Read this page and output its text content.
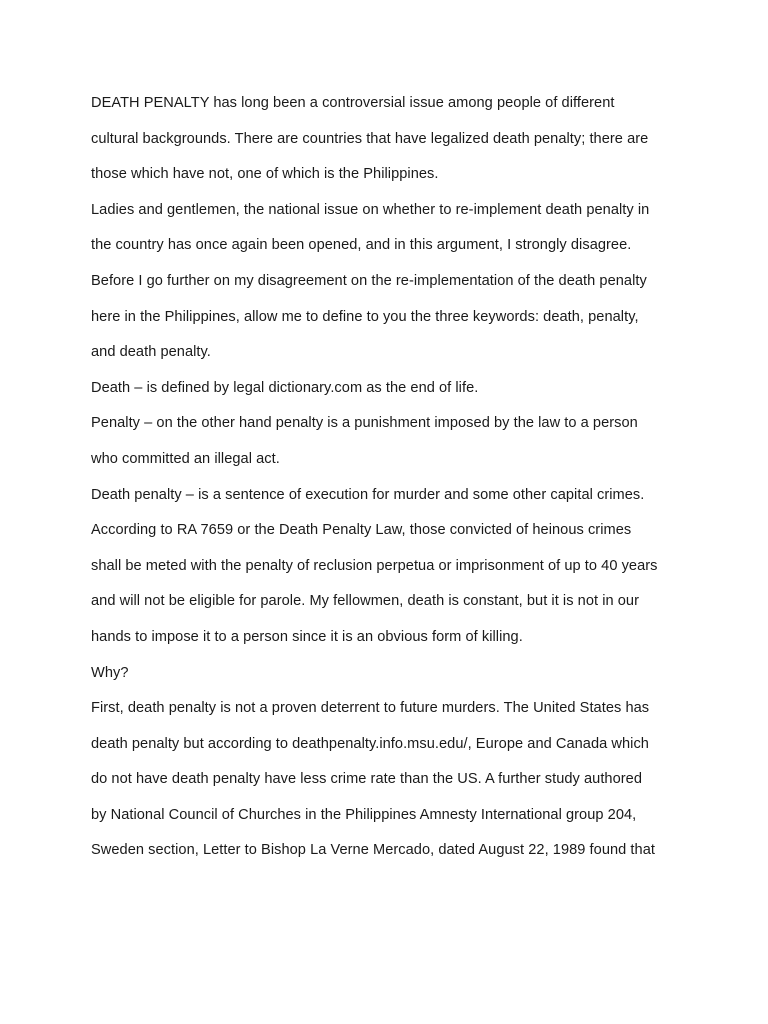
DEATH PENALTY has long been a controversial issue among people of different
cultural backgrounds. There are countries that have legalized death penalty; there are
those which have not, one of which is the Philippines.
Ladies and gentlemen, the national issue on whether to re-implement death penalty in
the country has once again been opened, and in this argument, I strongly disagree.
Before I go further on my disagreement on the re-implementation of the death penalty
here in the Philippines, allow me to define to you the three keywords: death, penalty,
and death penalty.
Death – is defined by legal dictionary.com as the end of life.
Penalty – on the other hand penalty is a punishment imposed by the law to a person
who committed an illegal act.
Death penalty – is a sentence of execution for murder and some other capital crimes.
According to RA 7659 or the Death Penalty Law, those convicted of heinous crimes
shall be meted with the penalty of reclusion perpetua or imprisonment of up to 40 years
and will not be eligible for parole. My fellowmen, death is constant, but it is not in our
hands to impose it to a person since it is an obvious form of killing.
Why?
First, death penalty is not a proven deterrent to future murders. The United States has
death penalty but according to deathpenalty.info.msu.edu/, Europe and Canada which
do not have death penalty have less crime rate than the US. A further study authored
by National Council of Churches in the Philippines Amnesty International group 204,
Sweden section, Letter to Bishop La Verne Mercado, dated August 22, 1989 found that
